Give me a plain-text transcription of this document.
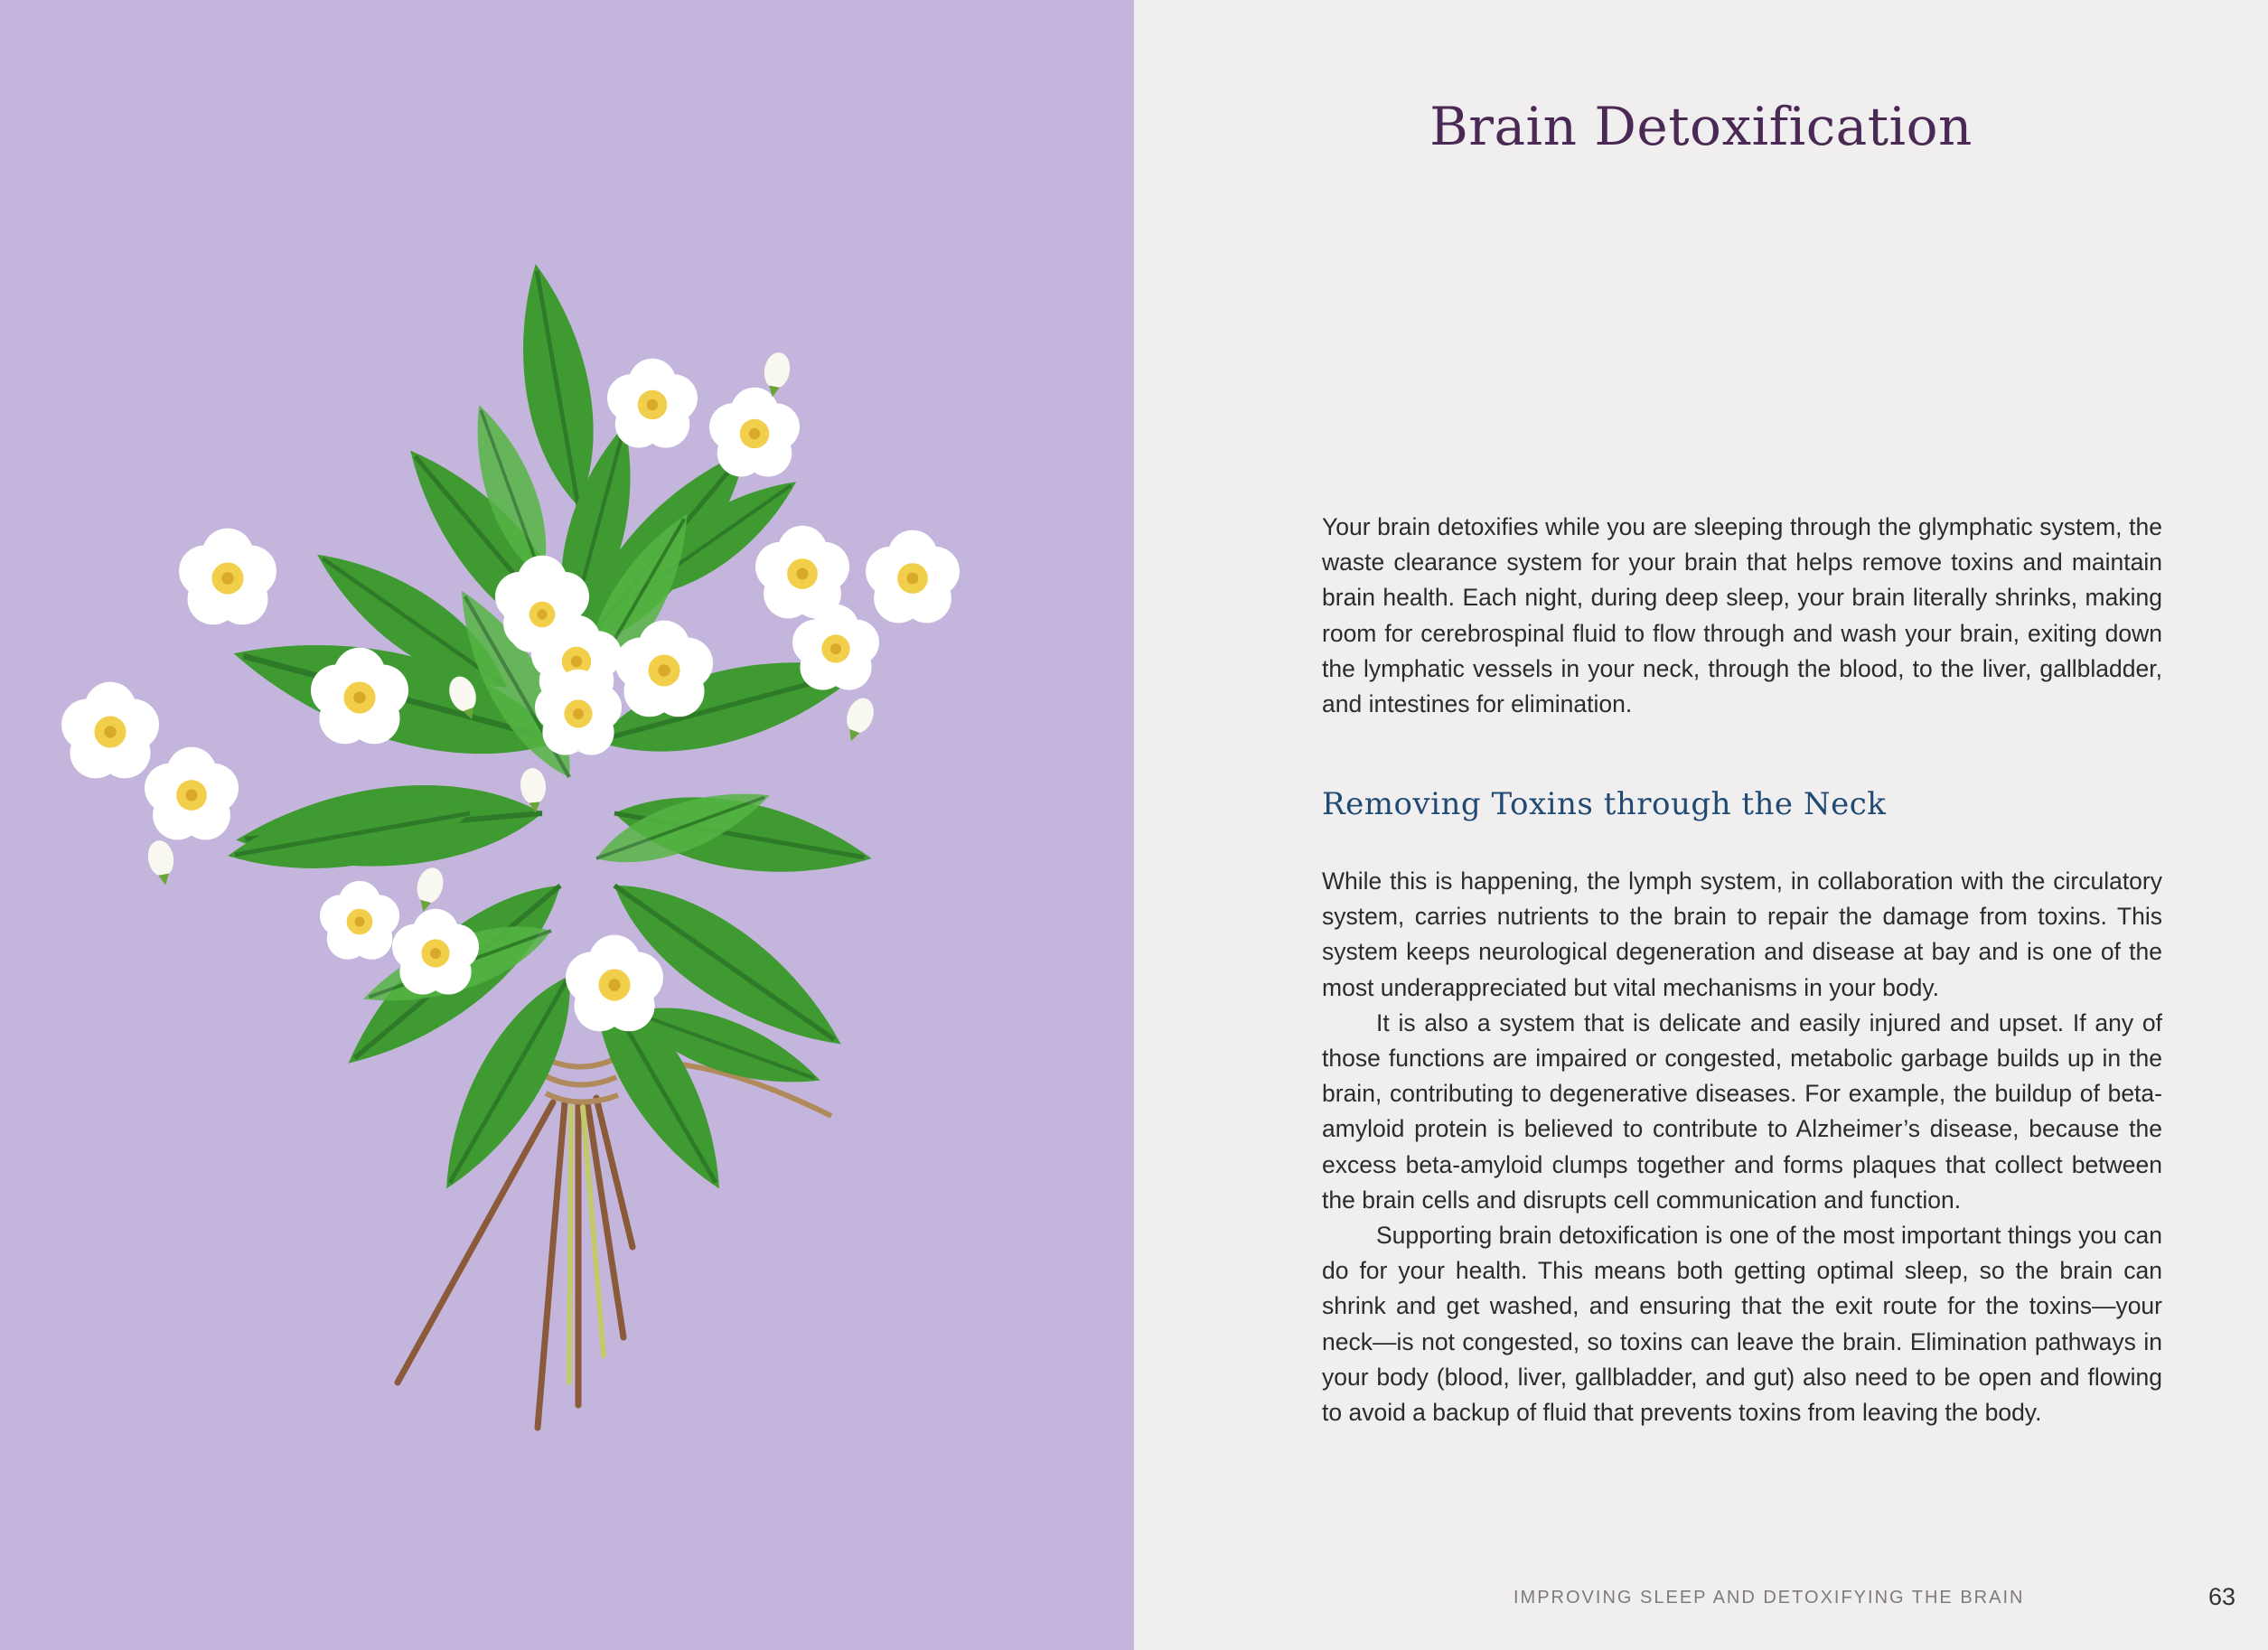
Brain Detoxification

Your brain detoxifies while you are sleeping through the glymphatic system, the waste clearance system for your brain that helps remove toxins and maintain brain health. Each night, during deep sleep, your brain literally shrinks, making room for cerebrospinal fluid to flow through and wash your brain, exiting down the lymphatic vessels in your neck, through the blood, to the liver, gallbladder, and intestines for elimination.

Removing Toxins through the Neck

While this is happening, the lymph system, in collaboration with the circulatory system, carries nutrients to the brain to repair the damage from toxins. This system keeps neurological degeneration and disease at bay and is one of the most underappreciated but vital mechanisms in your body.

It is also a system that is delicate and easily injured and upset. If any of those functions are impaired or congested, metabolic garbage builds up in the brain, contributing to degenerative diseases. For example, the buildup of beta-amyloid protein is believed to contribute to Alzheimer’s disease, because the excess beta-amyloid clumps together and forms plaques that collect between the brain cells and disrupts cell communication and function.

Supporting brain detoxification is one of the most important things you can do for your health. This means both getting optimal sleep, so the brain can shrink and get washed, and ensuring that the exit route for the toxins—your neck—is not congested, so toxins can leave the brain. Elimination pathways in your body (blood, liver, gallbladder, and gut) also need to be open and flowing to avoid a backup of fluid that prevents toxins from leaving the body.

IMPROVING SLEEP AND DETOXIFYING THE BRAIN	63
